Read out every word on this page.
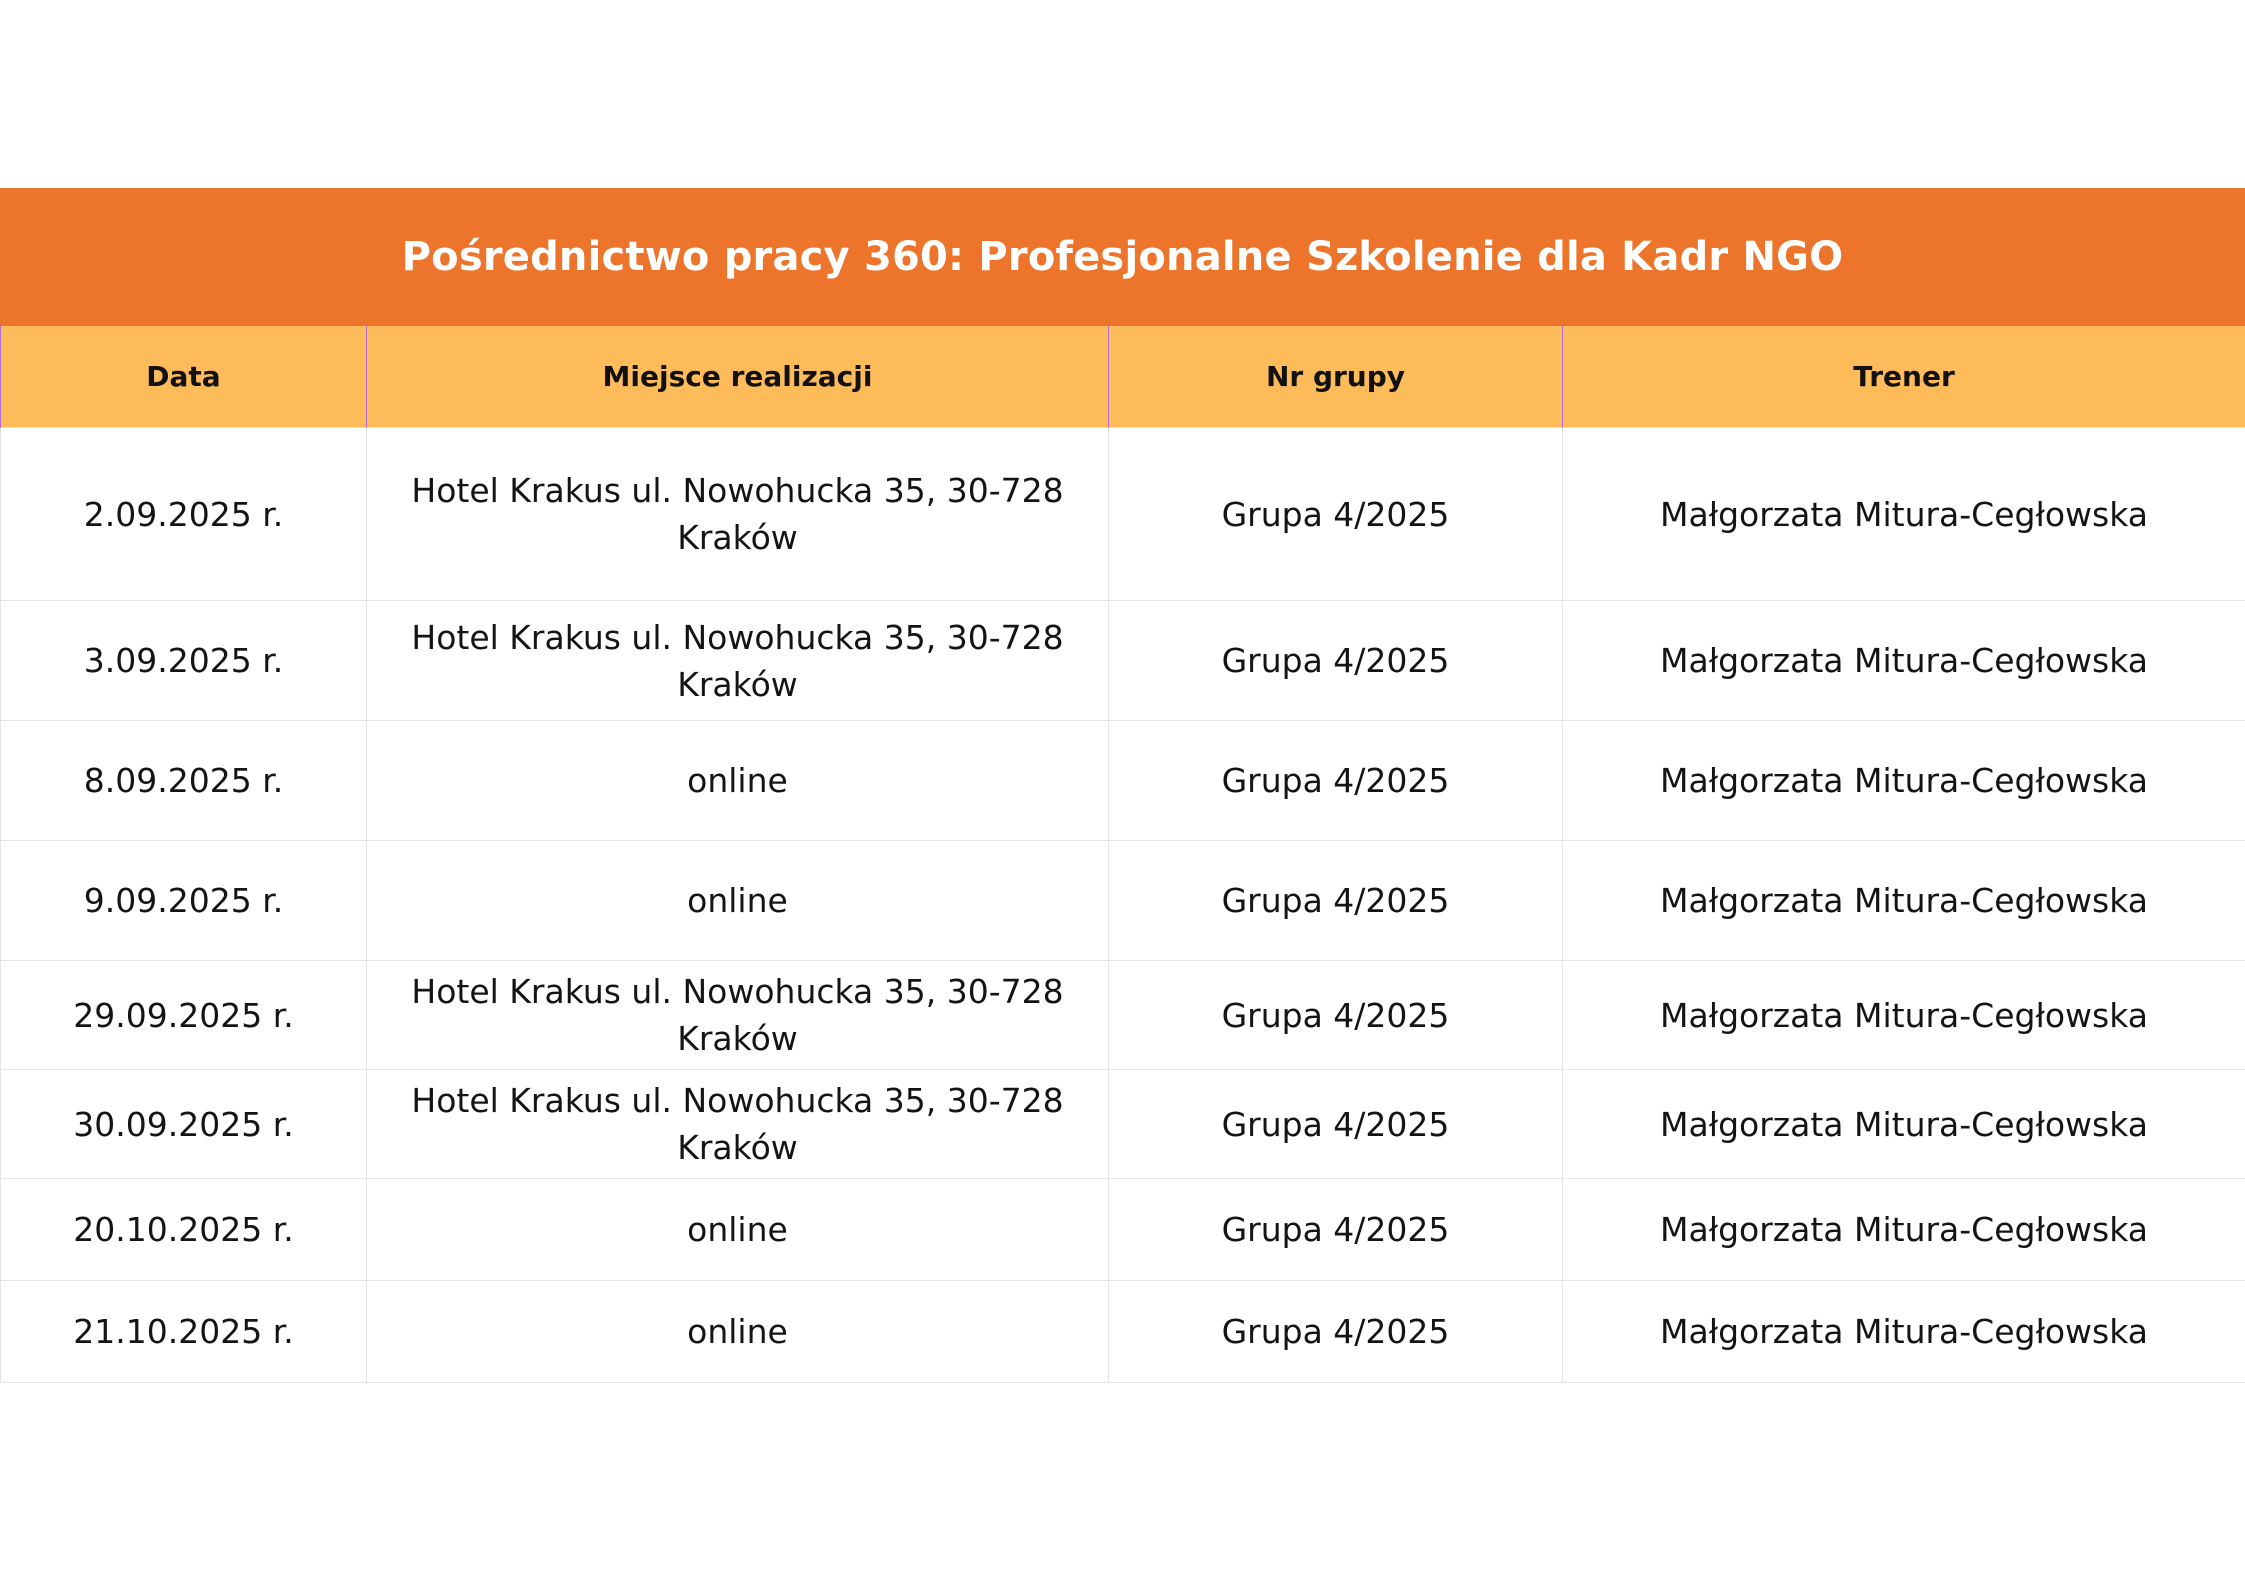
Pośrednictwo pracy 360: Profesjonalne Szkolenie dla Kadr NGO
Data	Miejsce realizacji	Nr grupy	Trener
2.09.2025 r.	Hotel Krakus ul. Nowohucka 35, 30-728 Kraków	Grupa 4/2025	Małgorzata Mitura-Cegłowska
3.09.2025 r.	Hotel Krakus ul. Nowohucka 35, 30-728 Kraków	Grupa 4/2025	Małgorzata Mitura-Cegłowska
8.09.2025 r.	online	Grupa 4/2025	Małgorzata Mitura-Cegłowska
9.09.2025 r.	online	Grupa 4/2025	Małgorzata Mitura-Cegłowska
29.09.2025 r.	Hotel Krakus ul. Nowohucka 35, 30-728 Kraków	Grupa 4/2025	Małgorzata Mitura-Cegłowska
30.09.2025 r.	Hotel Krakus ul. Nowohucka 35, 30-728 Kraków	Grupa 4/2025	Małgorzata Mitura-Cegłowska
20.10.2025 r.	online	Grupa 4/2025	Małgorzata Mitura-Cegłowska
21.10.2025 r.	online	Grupa 4/2025	Małgorzata Mitura-Cegłowska
